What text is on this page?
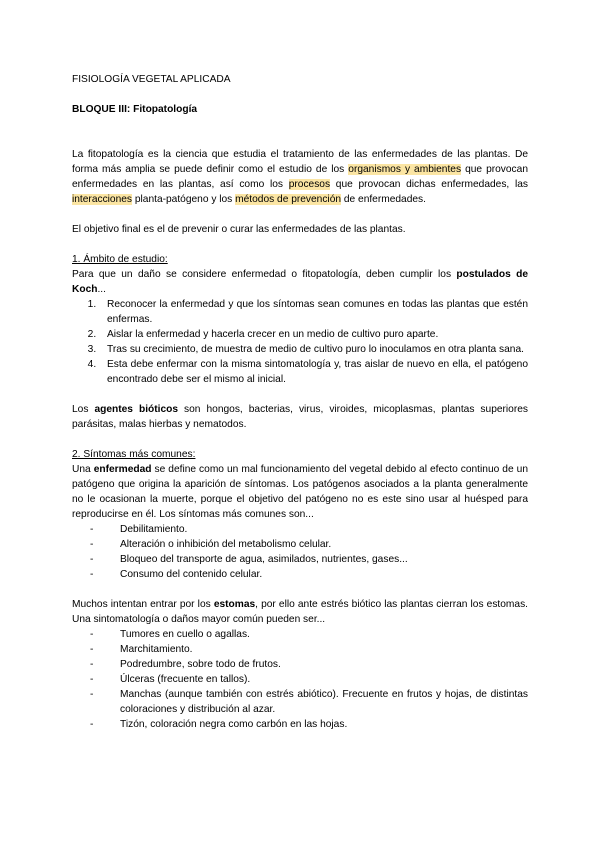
FISIOLOGÍA VEGETAL APLICADA

BLOQUE III: Fitopatología

La fitopatología es la ciencia que estudia el tratamiento de las enfermedades de las plantas. De forma más amplia se puede definir como el estudio de los organismos y ambientes que provocan enfermedades en las plantas, así como los procesos que provocan dichas enfermedades, las interacciones planta-patógeno y los métodos de prevención de enfermedades.

El objetivo final es el de prevenir o curar las enfermedades de las plantas.

1. Ámbito de estudio:

Para que un daño se considere enfermedad o fitopatología, deben cumplir los postulados de Koch...

1. Reconocer la enfermedad y que los síntomas sean comunes en todas las plantas que estén enfermas.
2. Aislar la enfermedad y hacerla crecer en un medio de cultivo puro aparte.
3. Tras su crecimiento, de muestra de medio de cultivo puro lo inoculamos en otra planta sana.
4. Esta debe enfermar con la misma sintomatología y, tras aislar de nuevo en ella, el patógeno encontrado debe ser el mismo al inicial.

Los agentes bióticos son hongos, bacterias, virus, viroides, micoplasmas, plantas superiores parásitas, malas hierbas y nematodos.

2. Síntomas más comunes:

Una enfermedad se define como un mal funcionamiento del vegetal debido al efecto continuo de un patógeno que origina la aparición de síntomas. Los patógenos asociados a la planta generalmente no le ocasionan la muerte, porque el objetivo del patógeno no es este sino usar al huésped para reproducirse en él. Los síntomas más comunes son...

- Debilitamiento.
- Alteración o inhibición del metabolismo celular.
- Bloqueo del transporte de agua, asimilados, nutrientes, gases...
- Consumo del contenido celular.

Muchos intentan entrar por los estomas, por ello ante estrés biótico las plantas cierran los estomas. Una sintomatología o daños mayor común pueden ser...

- Tumores en cuello o agallas.
- Marchitamiento.
- Podredumbre, sobre todo de frutos.
- Úlceras (frecuente en tallos).
- Manchas (aunque también con estrés abiótico). Frecuente en frutos y hojas, de distintas coloraciones y distribución al azar.
- Tizón, coloración negra como carbón en las hojas.
